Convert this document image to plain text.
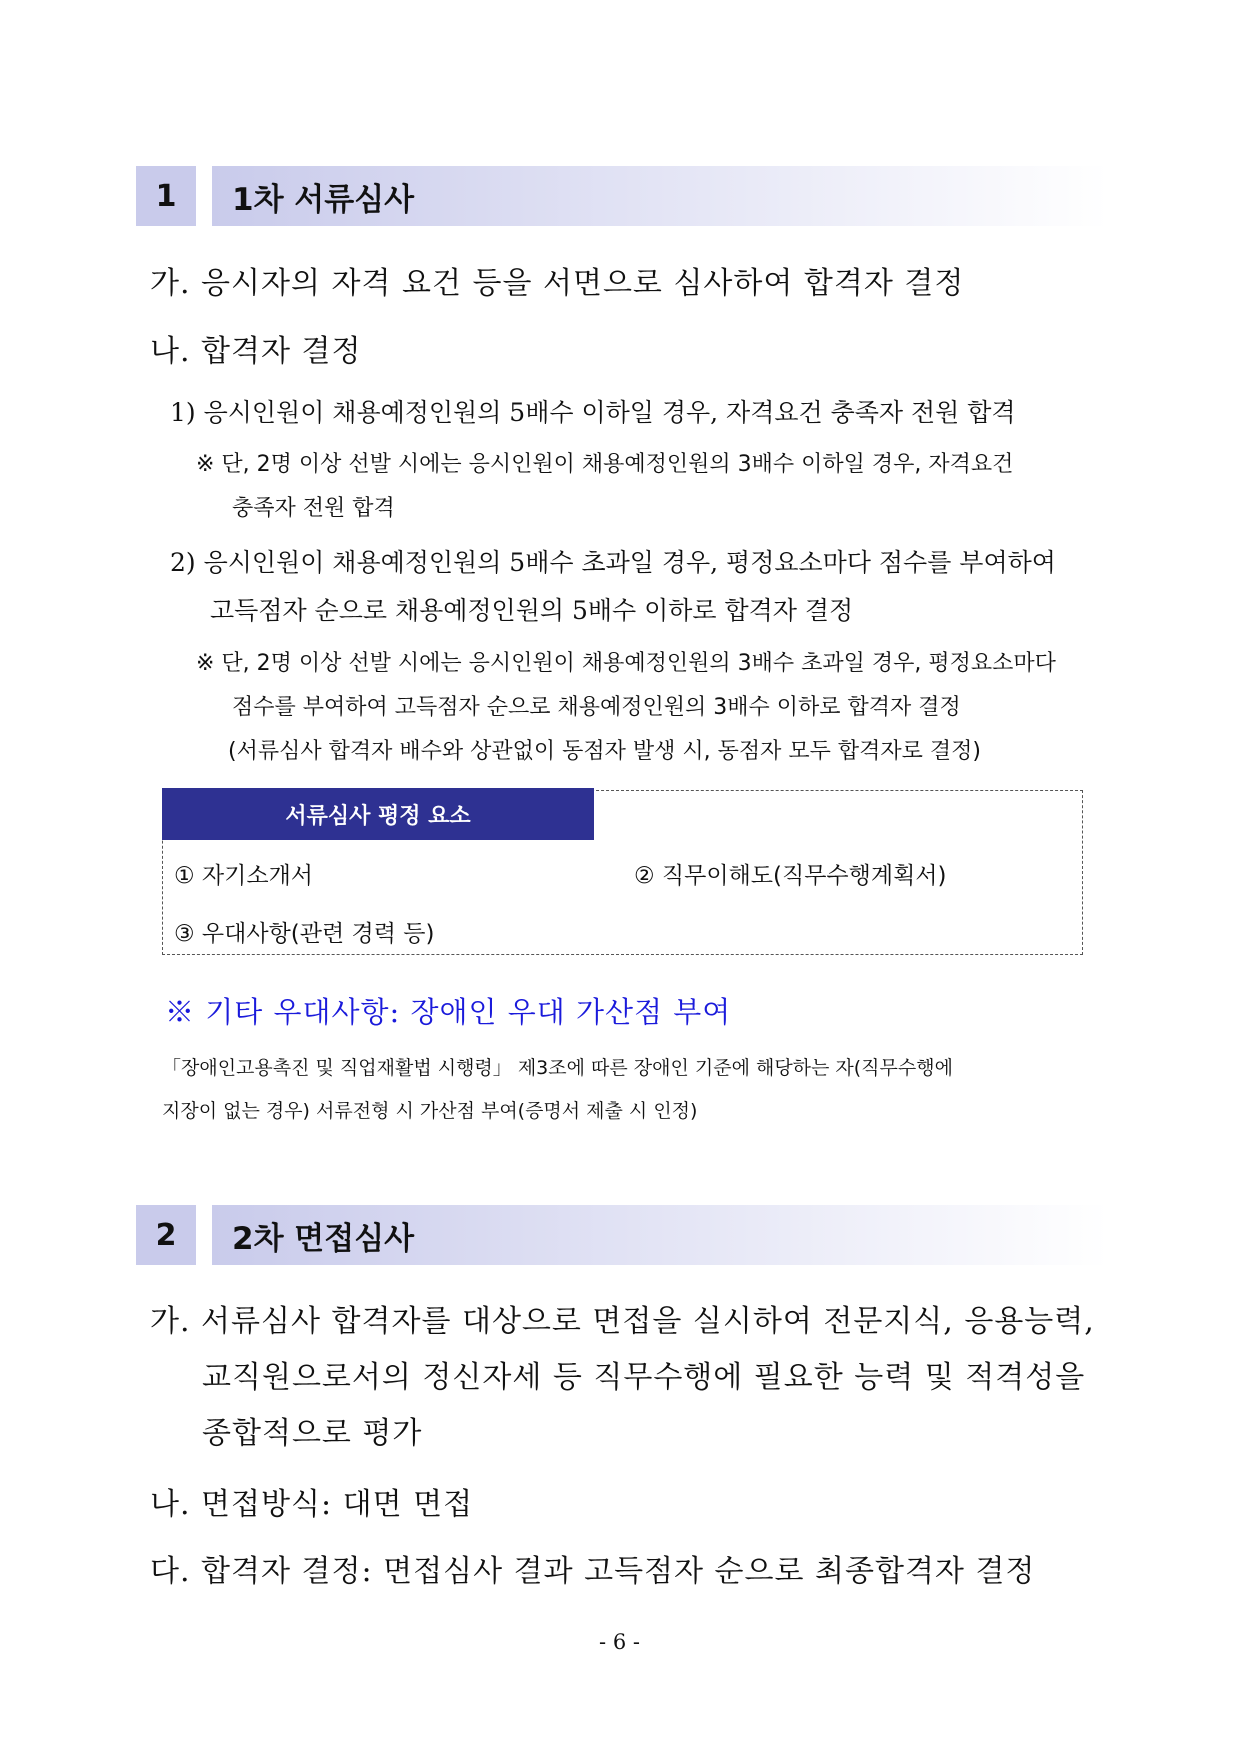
1	1차 서류심사
가. 응시자의 자격 요건 등을 서면으로 심사하여 합격자 결정
나. 합격자 결정
1) 응시인원이 채용예정인원의 5배수 이하일 경우, 자격요건 충족자 전원 합격
※ 단, 2명 이상 선발 시에는 응시인원이 채용예정인원의 3배수 이하일 경우, 자격요건
충족자 전원 합격
2) 응시인원이 채용예정인원의 5배수 초과일 경우, 평정요소마다 점수를 부여하여
고득점자 순으로 채용예정인원의 5배수 이하로 합격자 결정
※ 단, 2명 이상 선발 시에는 응시인원이 채용예정인원의 3배수 초과일 경우, 평정요소마다
점수를 부여하여 고득점자 순으로 채용예정인원의 3배수 이하로 합격자 결정
(서류심사 합격자 배수와 상관없이 동점자 발생 시, 동점자 모두 합격자로 결정)
서류심사 평정 요소
① 자기소개서	② 직무이해도(직무수행계획서)
③ 우대사항(관련 경력 등)
※ 기타 우대사항: 장애인 우대 가산점 부여
「장애인고용촉진 및 직업재활법 시행령」 제3조에 따른 장애인 기준에 해당하는 자(직무수행에
지장이 없는 경우) 서류전형 시 가산점 부여(증명서 제출 시 인정)
2	2차 면접심사
가. 서류심사 합격자를 대상으로 면접을 실시하여 전문지식, 응용능력,
교직원으로서의 정신자세 등 직무수행에 필요한 능력 및 적격성을
종합적으로 평가
나. 면접방식: 대면 면접
다. 합격자 결정: 면접심사 결과 고득점자 순으로 최종합격자 결정
- 6 -
